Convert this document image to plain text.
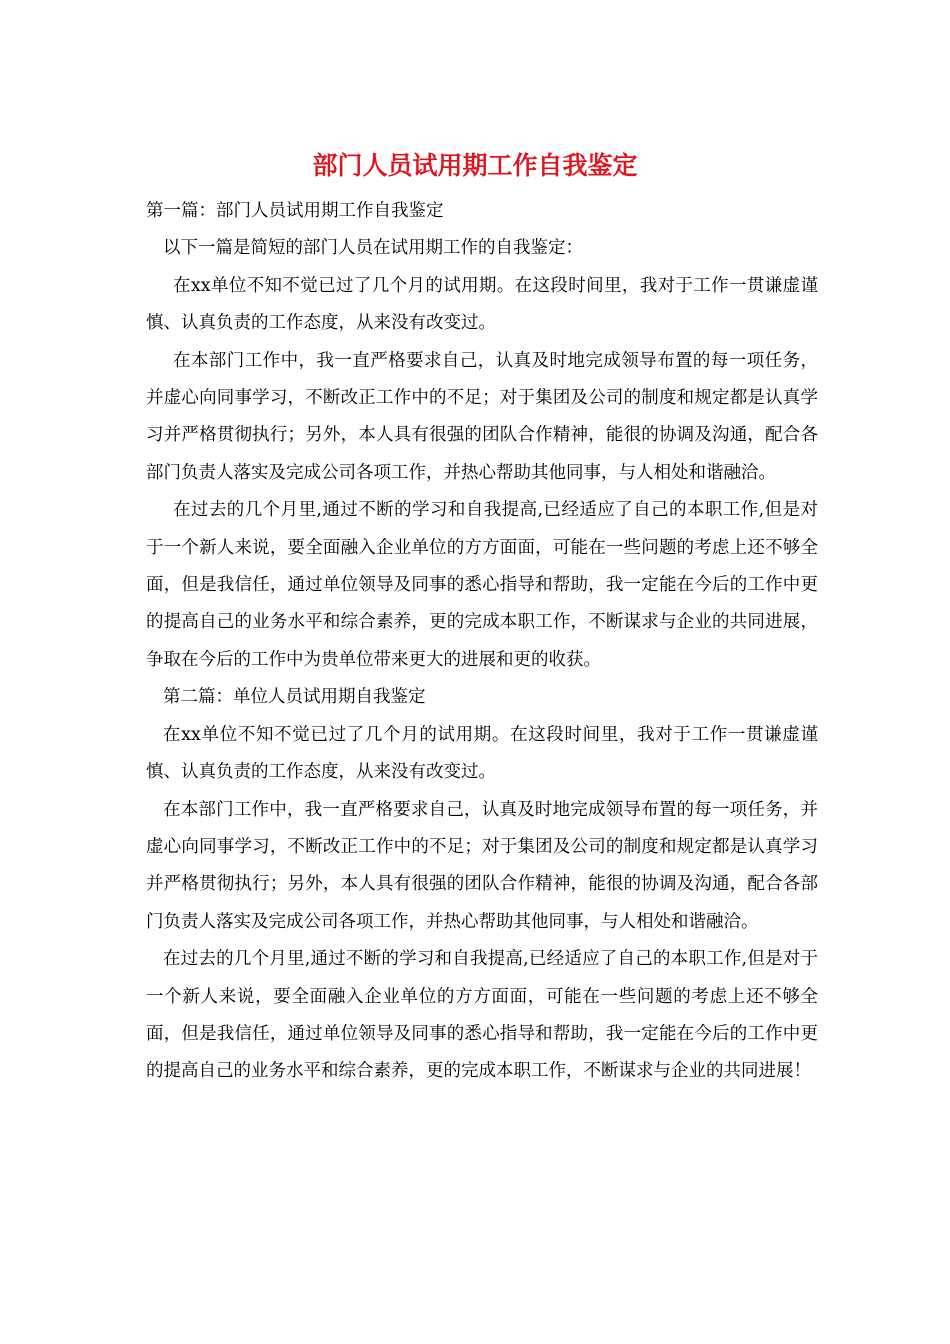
部门人员试用期工作自我鉴定

第一篇：部门人员试用期工作自我鉴定

以下一篇是简短的部门人员在试用期工作的自我鉴定：

在xx单位不知不觉已过了几个月的试用期。在这段时间里，我对于工作一贯谦虚谨慎、认真负责的工作态度，从来没有改变过。

在本部门工作中，我一直严格要求自己，认真及时地完成领导布置的每一项任务，并虚心向同事学习，不断改正工作中的不足；对于集团及公司的制度和规定都是认真学习并严格贯彻执行；另外，本人具有很强的团队合作精神，能很的协调及沟通，配合各部门负责人落实及完成公司各项工作，并热心帮助其他同事，与人相处和谐融洽。

在过去的几个月里,通过不断的学习和自我提高,已经适应了自己的本职工作,但是对于一个新人来说，要全面融入企业单位的方方面面，可能在一些问题的考虑上还不够全面，但是我信任，通过单位领导及同事的悉心指导和帮助，我一定能在今后的工作中更的提高自己的业务水平和综合素养，更的完成本职工作，不断谋求与企业的共同进展，争取在今后的工作中为贵单位带来更大的进展和更的收获。

第二篇：单位人员试用期自我鉴定

在xx单位不知不觉已过了几个月的试用期。在这段时间里，我对于工作一贯谦虚谨慎、认真负责的工作态度，从来没有改变过。

在本部门工作中，我一直严格要求自己，认真及时地完成领导布置的每一项任务，并虚心向同事学习，不断改正工作中的不足；对于集团及公司的制度和规定都是认真学习并严格贯彻执行；另外，本人具有很强的团队合作精神，能很的协调及沟通，配合各部门负责人落实及完成公司各项工作，并热心帮助其他同事，与人相处和谐融洽。

在过去的几个月里,通过不断的学习和自我提高,已经适应了自己的本职工作,但是对于一个新人来说，要全面融入企业单位的方方面面，可能在一些问题的考虑上还不够全面，但是我信任，通过单位领导及同事的悉心指导和帮助，我一定能在今后的工作中更的提高自己的业务水平和综合素养，更的完成本职工作，不断谋求与企业的共同进展！
